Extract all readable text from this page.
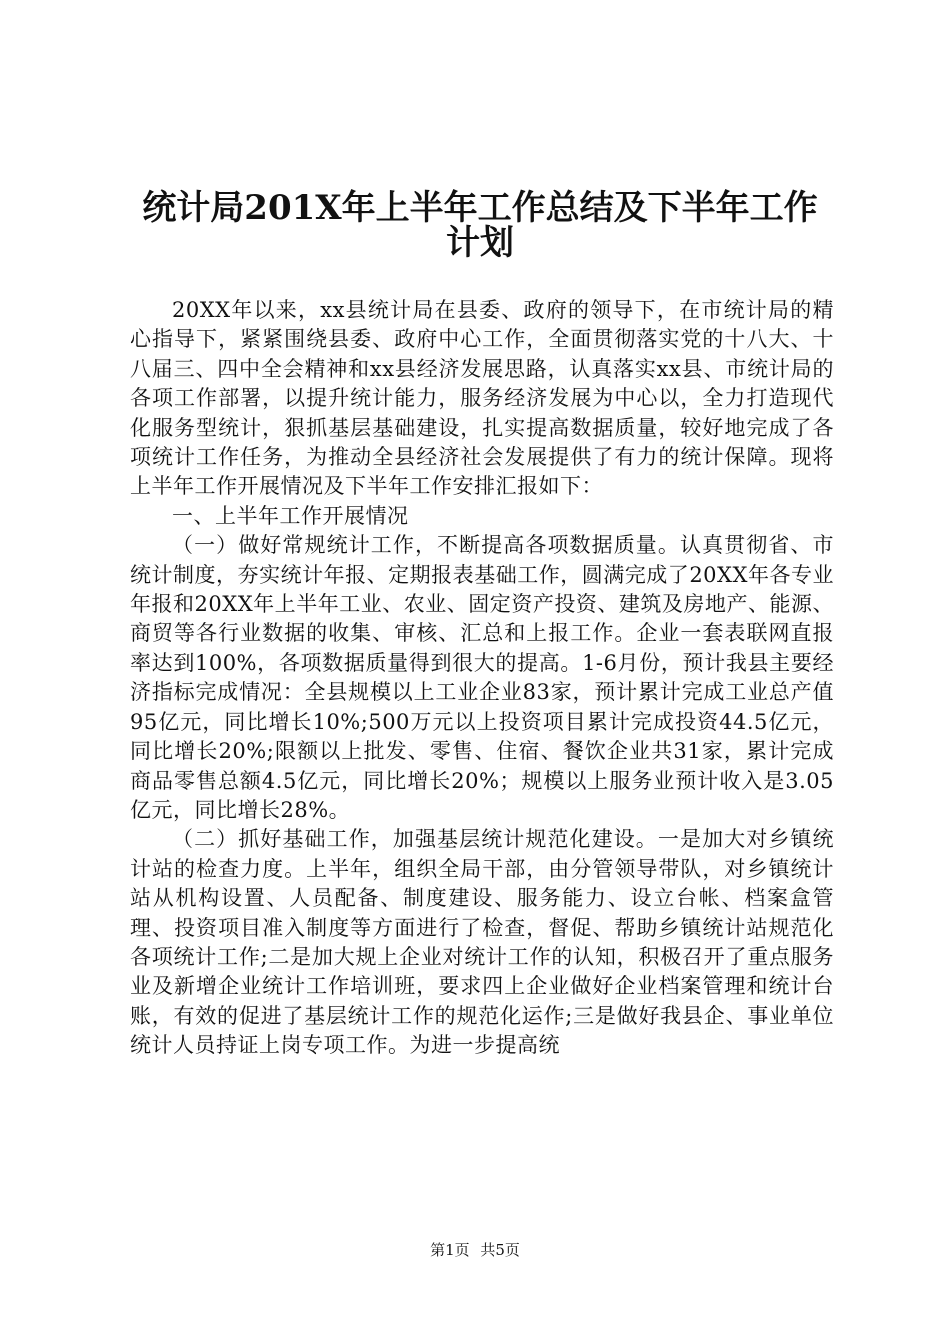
统计局201X年上半年工作总结及下半年工作
计划

20XX年以来，xx县统计局在县委、政府的领导下，在市统计局的精心指导下，紧紧围绕县委、政府中心工作，全面贯彻落实党的十八大、十八届三、四中全会精神和xx县经济发展思路，认真落实xx县、市统计局的各项工作部署，以提升统计能力，服务经济发展为中心以，全力打造现代化服务型统计，狠抓基层基础建设，扎实提高数据质量，较好地完成了各项统计工作任务，为推动全县经济社会发展提供了有力的统计保障。现将上半年工作开展情况及下半年工作安排汇报如下：

一、上半年工作开展情况

（一）做好常规统计工作，不断提高各项数据质量。认真贯彻省、市统计制度，夯实统计年报、定期报表基础工作，圆满完成了20XX年各专业年报和20XX年上半年工业、农业、固定资产投资、建筑及房地产、能源、商贸等各行业数据的收集、审核、汇总和上报工作。企业一套表联网直报率达到100%，各项数据质量得到很大的提高。1-6月份，预计我县主要经济指标完成情况：全县规模以上工业企业83家，预计累计完成工业总产值95亿元，同比增长10%;500万元以上投资项目累计完成投资44.5亿元，同比增长20%;限额以上批发、零售、住宿、餐饮企业共31家，累计完成商品零售总额4.5亿元，同比增长20%；规模以上服务业预计收入是3.05亿元，同比增长28%。

（二）抓好基础工作，加强基层统计规范化建设。一是加大对乡镇统计站的检查力度。上半年，组织全局干部，由分管领导带队，对乡镇统计站从机构设置、人员配备、制度建设、服务能力、设立台帐、档案盒管理、投资项目准入制度等方面进行了检查，督促、帮助乡镇统计站规范化各项统计工作;二是加大规上企业对统计工作的认知，积极召开了重点服务业及新增企业统计工作培训班，要求四上企业做好企业档案管理和统计台账，有效的促进了基层统计工作的规范化运作;三是做好我县企、事业单位统计人员持证上岗专项工作。为进一步提高统

第1页 共5页
